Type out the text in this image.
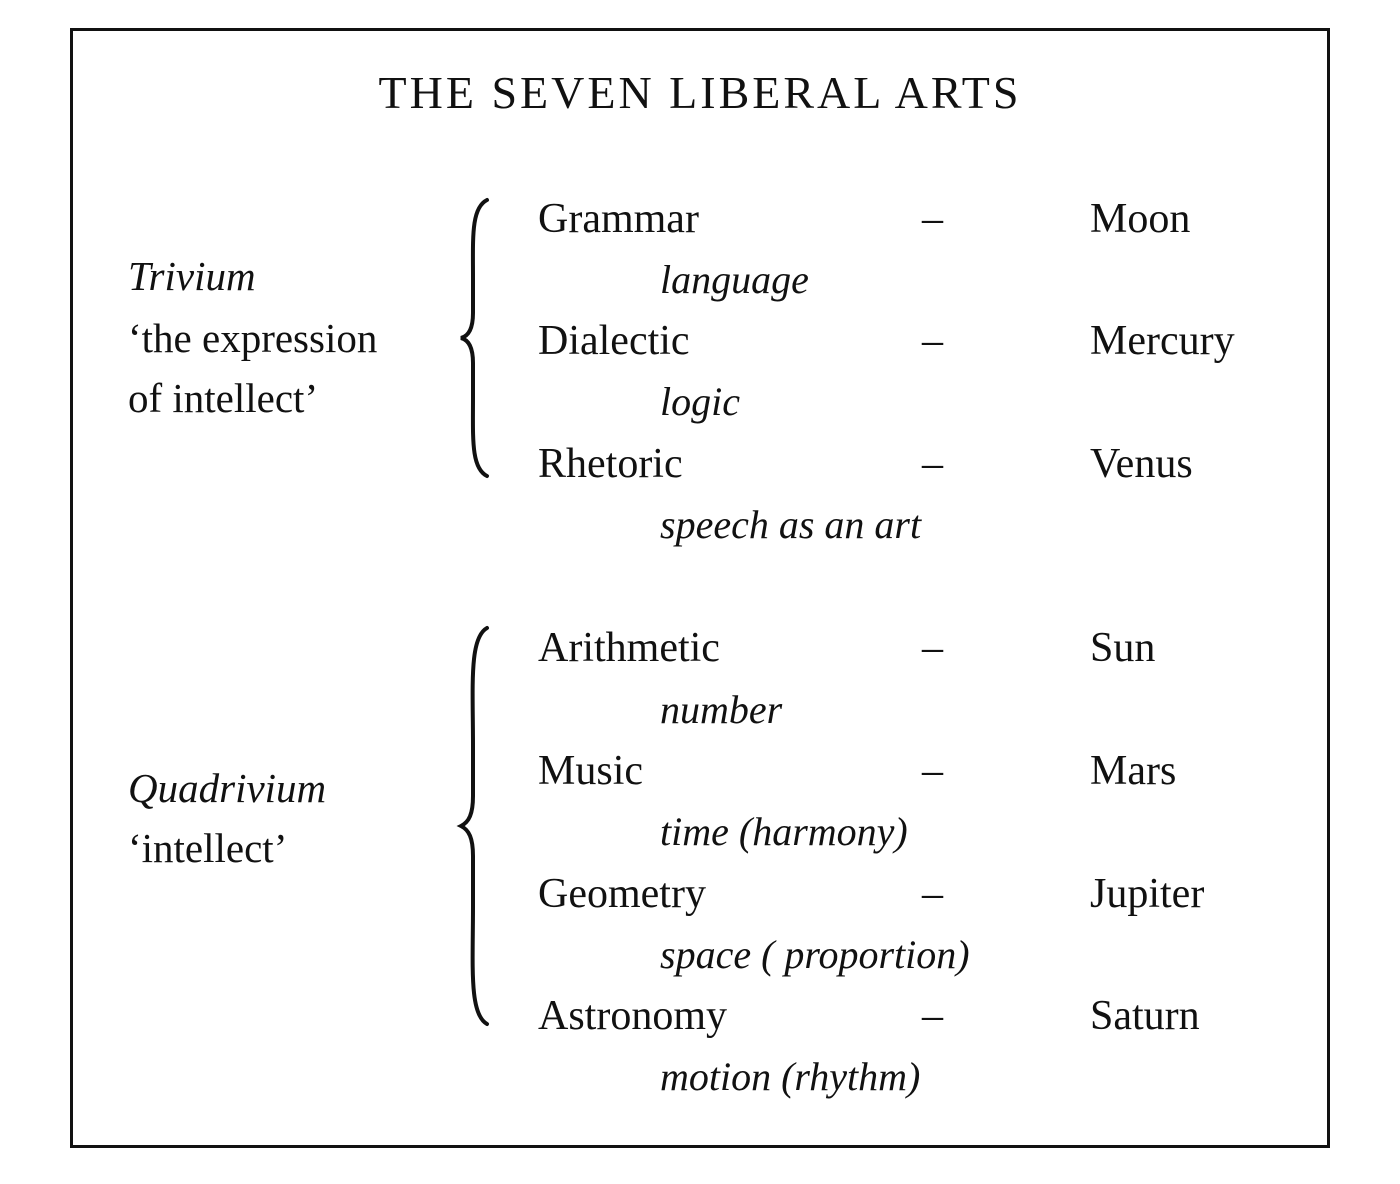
THE SEVEN LIBERAL ARTS
Trivium
‘the expression
of intellect’
Grammar	–	Moon
language
Dialectic	–	Mercury
logic
Rhetoric	–	Venus
speech as an art
Quadrivium
‘intellect’
Arithmetic	–	Sun
number
Music	–	Mars
time (harmony)
Geometry	–	Jupiter
space ( proportion)
Astronomy	–	Saturn
motion (rhythm)
